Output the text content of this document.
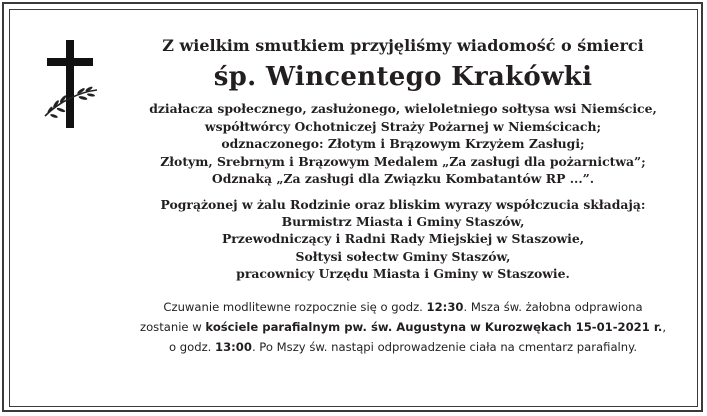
Z wielkim smutkiem przyjęliśmy wiadomość o śmierci

śp. Wincentego Krakówki

działacza społecznego, zasłużonego, wieloletniego sołtysa wsi Niemścice,
współtwórcy Ochotniczej Straży Pożarnej w Niemścicach;
odznaczonego: Złotym i Brązowym Krzyżem Zasługi;
Złotym, Srebrnym i Brązowym Medalem „Za zasługi dla pożarnictwa”;
Odznaką „Za zasługi dla Związku Kombatantów RP ...”.
Pogrążonej w żalu Rodzinie oraz bliskim wyrazy współczucia składają:
Burmistrz Miasta i Gminy Staszów,
Przewodniczący i Radni Rady Miejskiej w Staszowie,
Sołtysi sołectw Gminy Staszów,
pracownicy Urzędu Miasta i Gminy w Staszowie.
Czuwanie modlitewne rozpocznie się o godz. 12:30. Msza św. żałobna odprawiona
zostanie w kościele parafialnym pw. św. Augustyna w Kurozwękach 15-01-2021 r.,
o godz. 13:00. Po Mszy św. nastąpi odprowadzenie ciała na cmentarz parafialny.
